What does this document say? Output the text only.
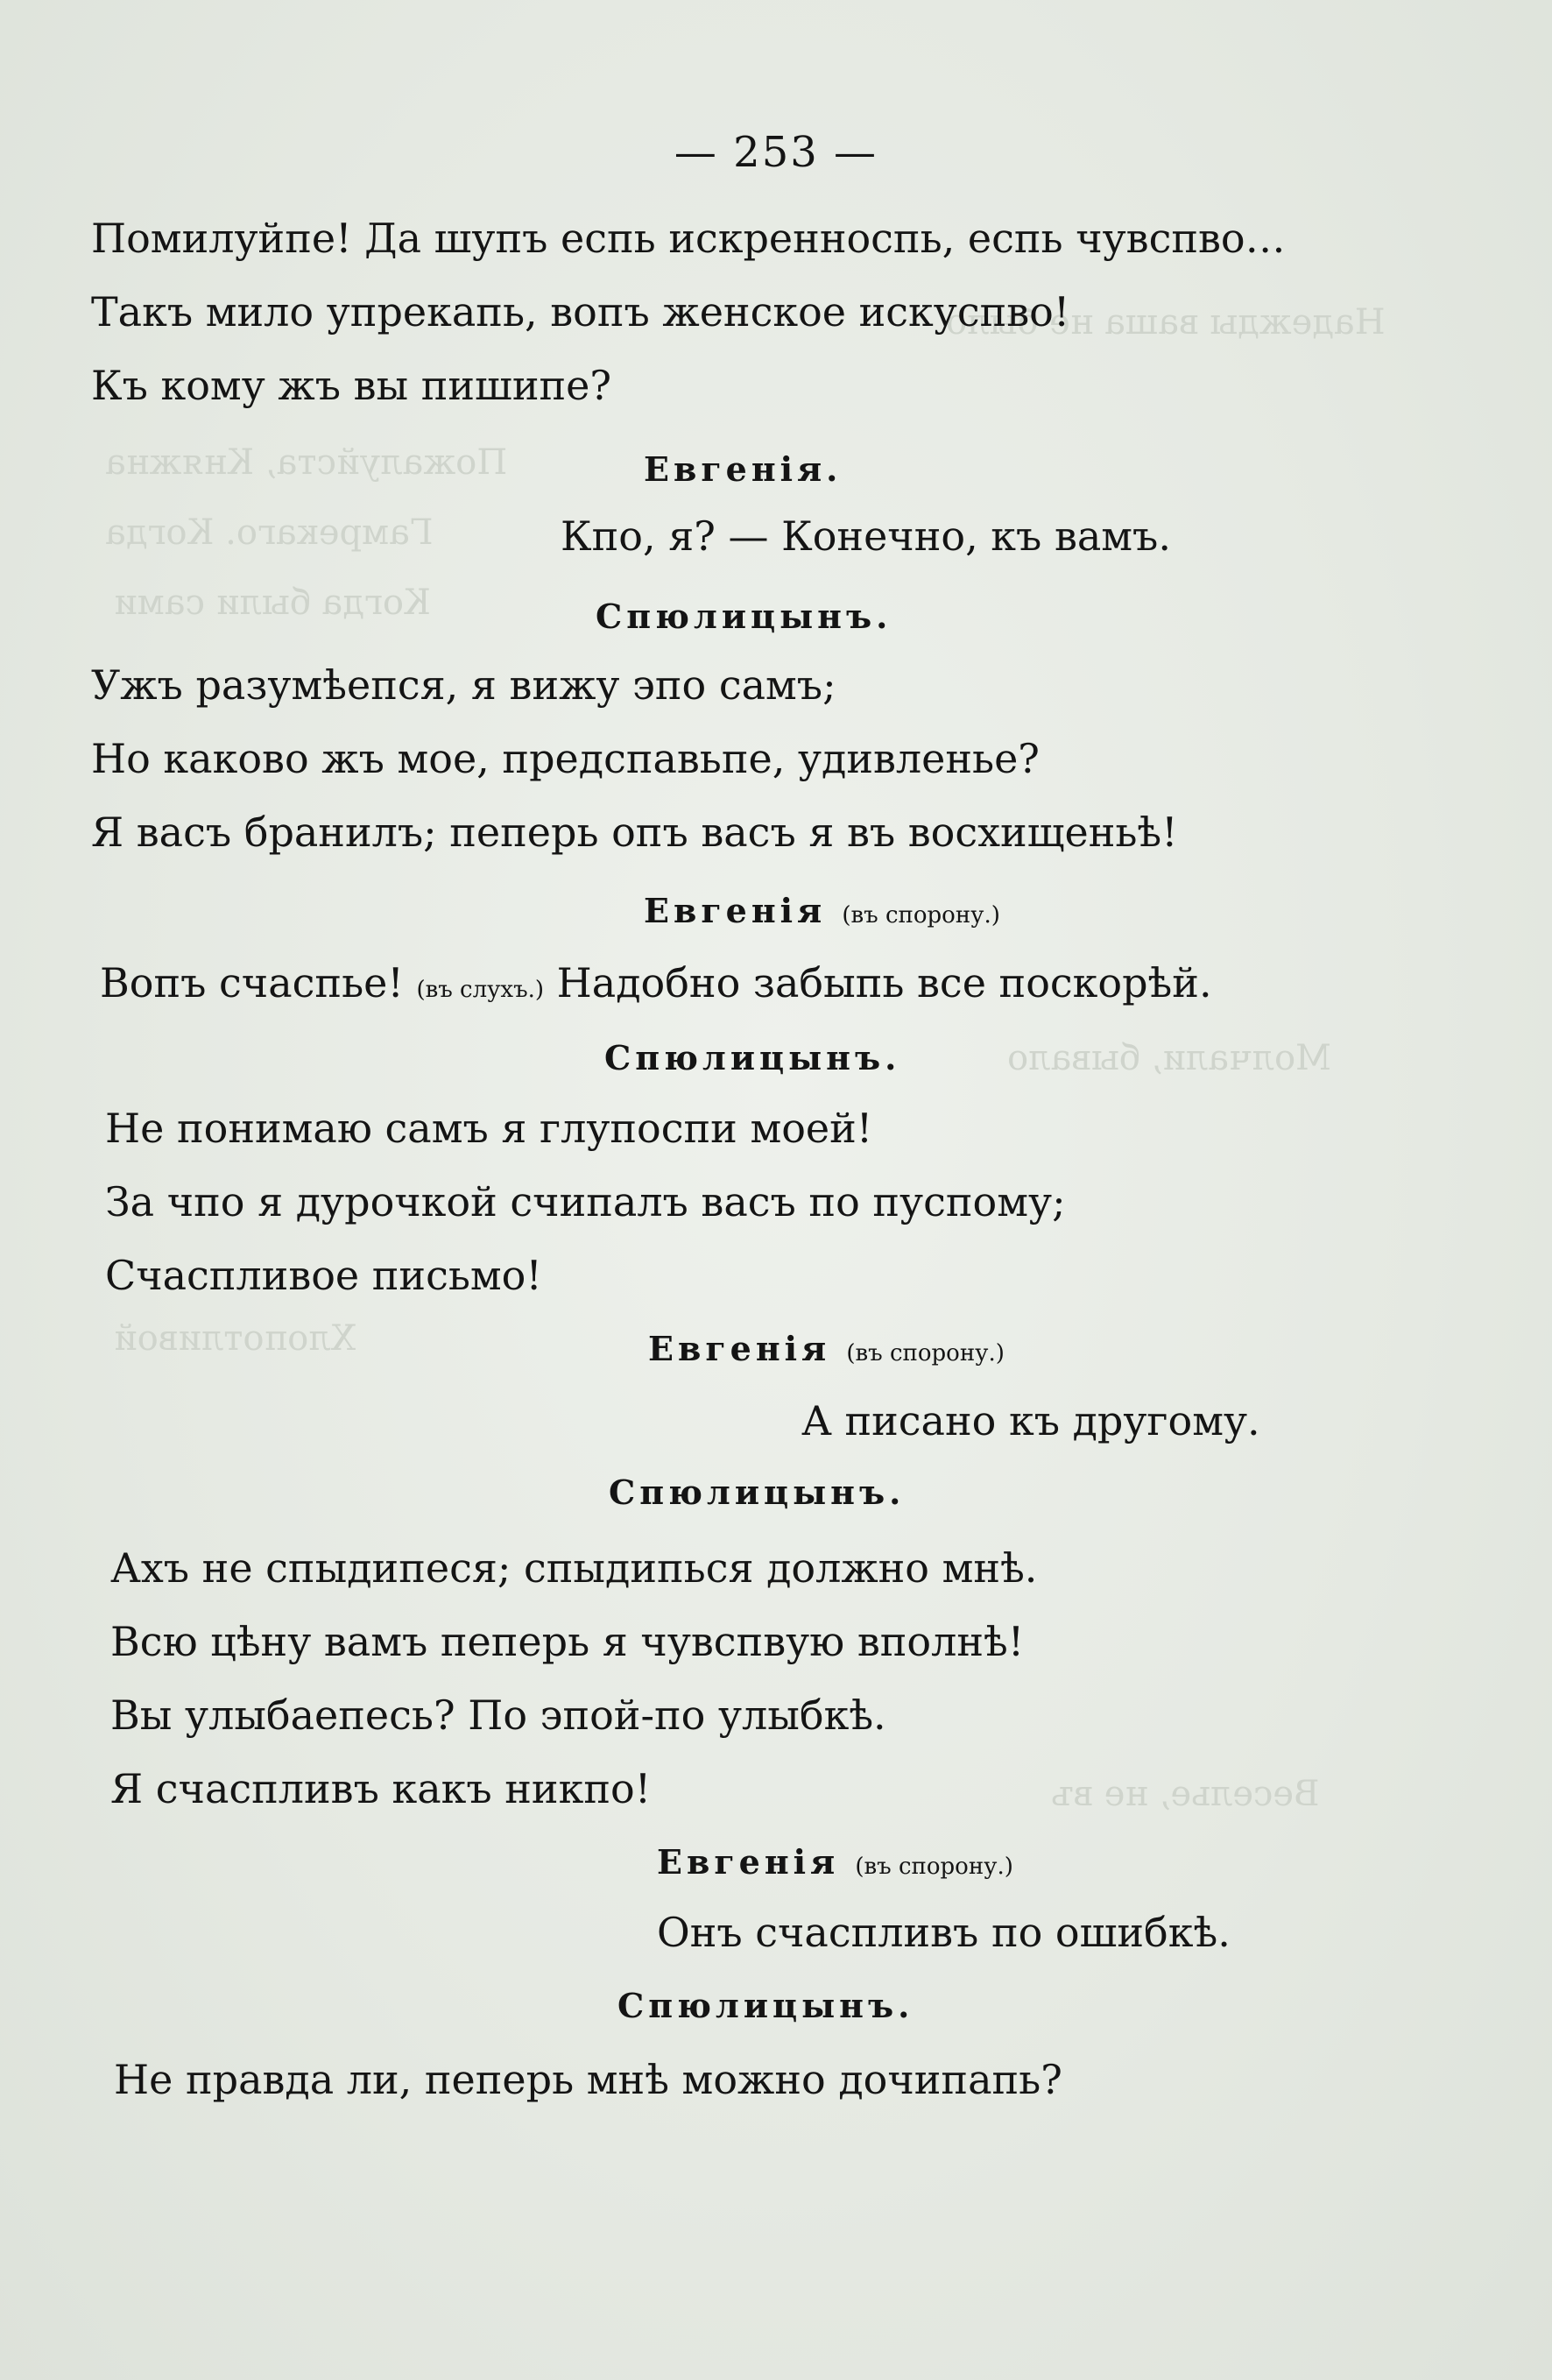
Надежды ваша не было
Пожалуйста, Княжна
Гамрекаго. Когда
Когда были сами
Молчали, бывало
Хлопотливой
Веселье, не въ
— 253 —
Помилуйпе! Да шупъ еспь искренноспь, еспь чувспво…
Такъ мило упрекапь, вопъ женское искуспво!
Къ кому жъ вы пишипе?
Евгенія.
Кпо, я? — Конечно, къ вамъ.
Спюлицынъ.
Ужъ разумѣепся, я вижу эпо самъ;
Но каково жъ мое, предспавьпе, удивленье?
Я васъ бранилъ; пеперь опъ васъ я въ восхищеньѣ!
Евгенія (въ спорону.)
Вопъ счаспье! (въ слухъ.) Надобно забыпь все поскорѣй.
Спюлицынъ.
Не понимаю самъ я глупоспи моей!
За чпо я дурочкой счипалъ васъ по пуспому;
Счаспливое письмо!
Евгенія (въ спорону.)
А писано къ другому.
Спюлицынъ.
Ахъ не спыдипеся; спыдипься должно мнѣ.
Всю цѣну вамъ пеперь я чувспвую вполнѣ!
Вы улыбаепесь? По эпой-по улыбкѣ.
Я счаспливъ какъ никпо!
Евгенія (въ спорону.)
Онъ счаспливъ по ошибкѣ.
Спюлицынъ.
Не правда ли, пеперь мнѣ можно дочипапь?
